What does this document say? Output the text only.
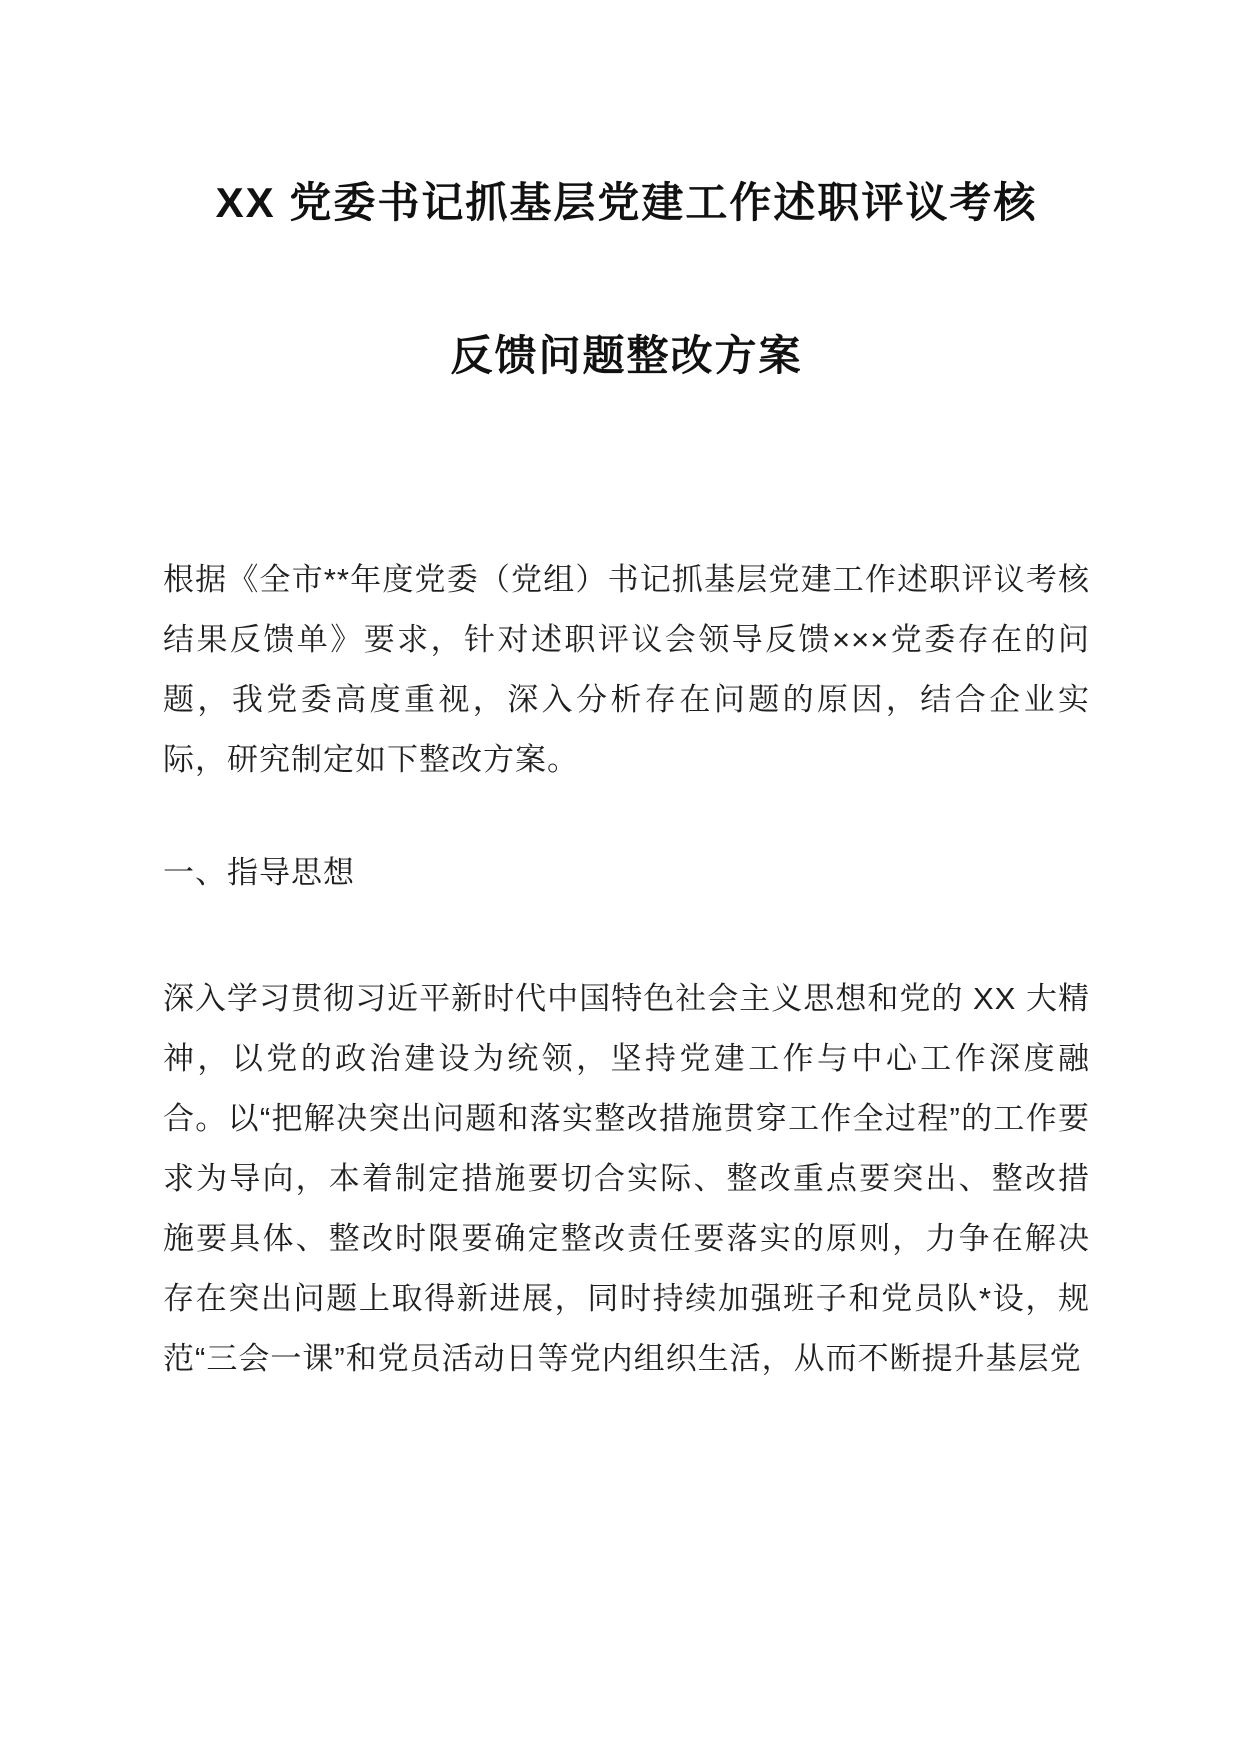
XX 党委书记抓基层党建工作述职评议考核
反馈问题整改方案

根据《全市**年度党委（党组）书记抓基层党建工作述职评议考核结果反馈单》要求，针对述职评议会领导反馈×××党委存在的问题，我党委高度重视，深入分析存在问题的原因，结合企业实际，研究制定如下整改方案。

一、指导思想

深入学习贯彻习近平新时代中国特色社会主义思想和党的 XX 大精神，以党的政治建设为统领，坚持党建工作与中心工作深度融合。以“把解决突出问题和落实整改措施贯穿工作全过程”的工作要求为导向，本着制定措施要切合实际、整改重点要突出、整改措施要具体、整改时限要确定整改责任要落实的原则，力争在解决存在突出问题上取得新进展，同时持续加强班子和党员队*设，规范“三会一课”和党员活动日等党内组织生活，从而不断提升基层党
